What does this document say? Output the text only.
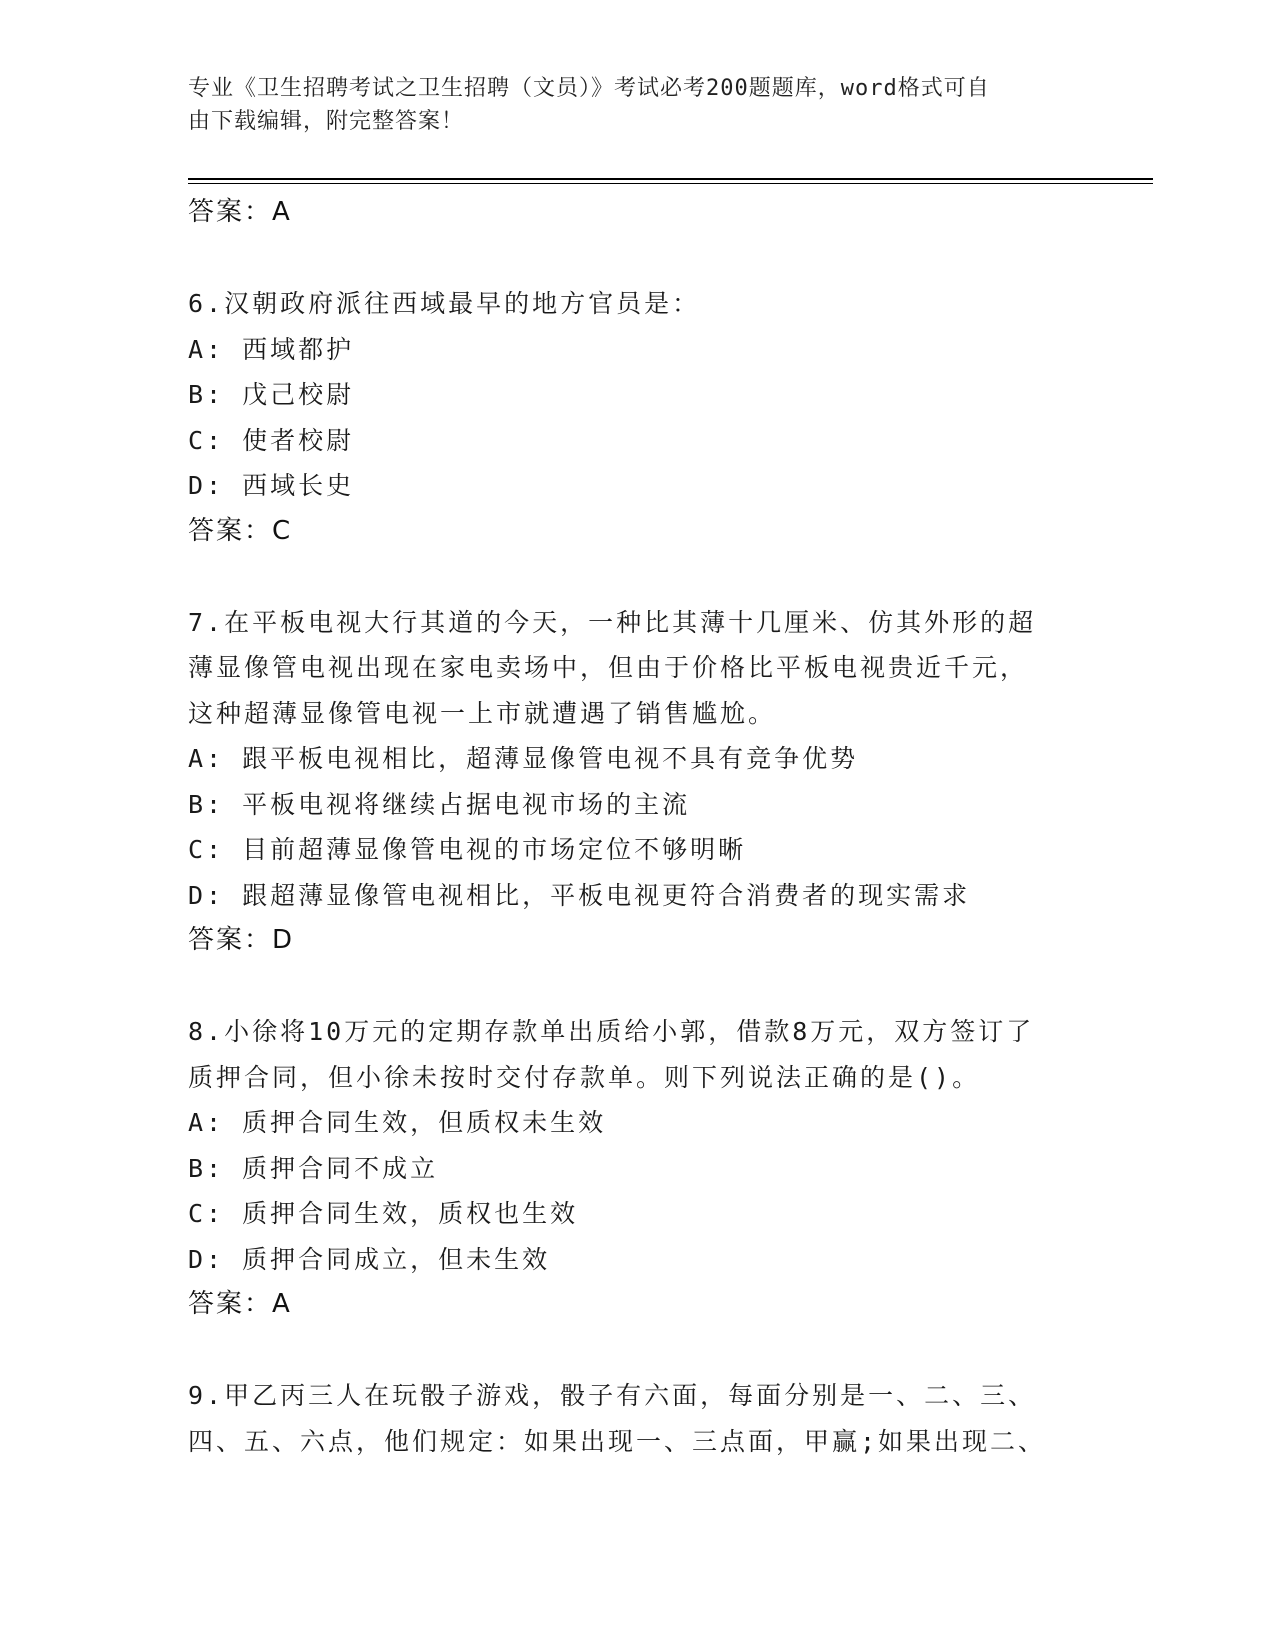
专业《卫生招聘考试之卫生招聘（文员）》考试必考200题题库，word格式可自
由下载编辑，附完整答案！
答案：A
6.汉朝政府派往西域最早的地方官员是：
A: 西域都护
B: 戊己校尉
C: 使者校尉
D: 西域长史
答案：C
7.在平板电视大行其道的今天，一种比其薄十几厘米、仿其外形的超
薄显像管电视出现在家电卖场中，但由于价格比平板电视贵近千元，
这种超薄显像管电视一上市就遭遇了销售尴尬。
A: 跟平板电视相比，超薄显像管电视不具有竞争优势
B: 平板电视将继续占据电视市场的主流
C: 目前超薄显像管电视的市场定位不够明晰
D: 跟超薄显像管电视相比，平板电视更符合消费者的现实需求
答案：D
8.小徐将10万元的定期存款单出质给小郭，借款8万元，双方签订了
质押合同，但小徐未按时交付存款单。则下列说法正确的是()。
A: 质押合同生效，但质权未生效
B: 质押合同不成立
C: 质押合同生效，质权也生效
D: 质押合同成立，但未生效
答案：A
9.甲乙丙三人在玩骰子游戏，骰子有六面，每面分别是一、二、三、
四、五、六点，他们规定：如果出现一、三点面，甲赢;如果出现二、
